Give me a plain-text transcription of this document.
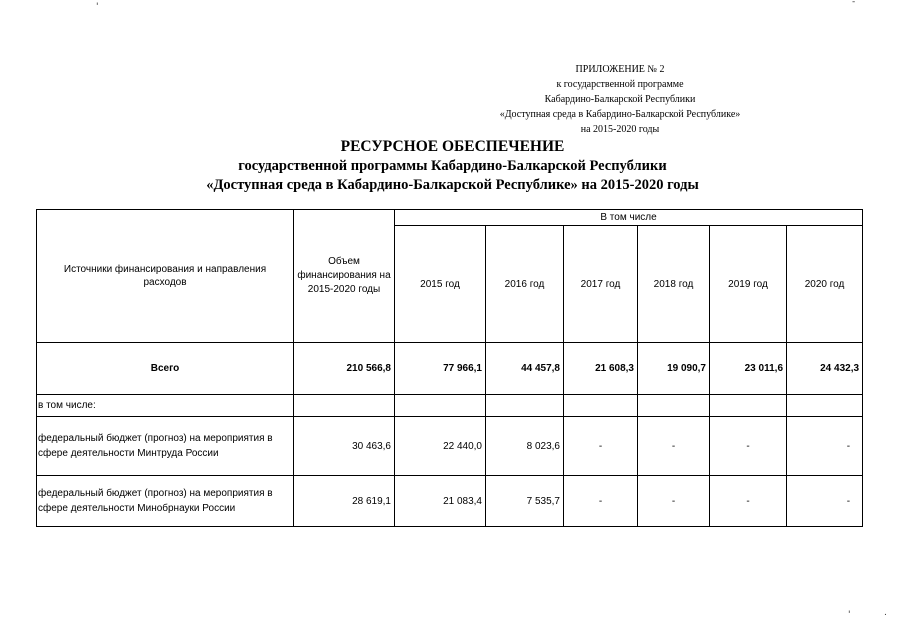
'	-
'	.
ПРИЛОЖЕНИЕ № 2
к государственной программе
Кабардино-Балкарской Республики
«Доступная среда в Кабардино-Балкарской Республике»
на 2015-2020 годы
РЕСУРСНОЕ ОБЕСПЕЧЕНИЕ
государственной программы Кабардино-Балкарской Республики
«Доступная среда в Кабардино-Балкарской Республике» на 2015-2020 годы
Источники финансирования и направления расходов	Объем финансирования на 2015-2020 годы	В том числе					
		2015 год	2016 год	2017 год	2018 год	2019 год	2020 год
Всего	210 566,8	77 966,1	44 457,8	21 608,3	19 090,7	23 011,6	24 432,3
в том числе:							
федеральный бюджет (прогноз) на мероприятия в сфере деятельности Минтруда России	30 463,6	22 440,0	8 023,6	-	-	-	-
федеральный бюджет (прогноз) на мероприятия в сфере деятельности Минобрнауки России	28 619,1	21 083,4	7 535,7	-	-	-	-
